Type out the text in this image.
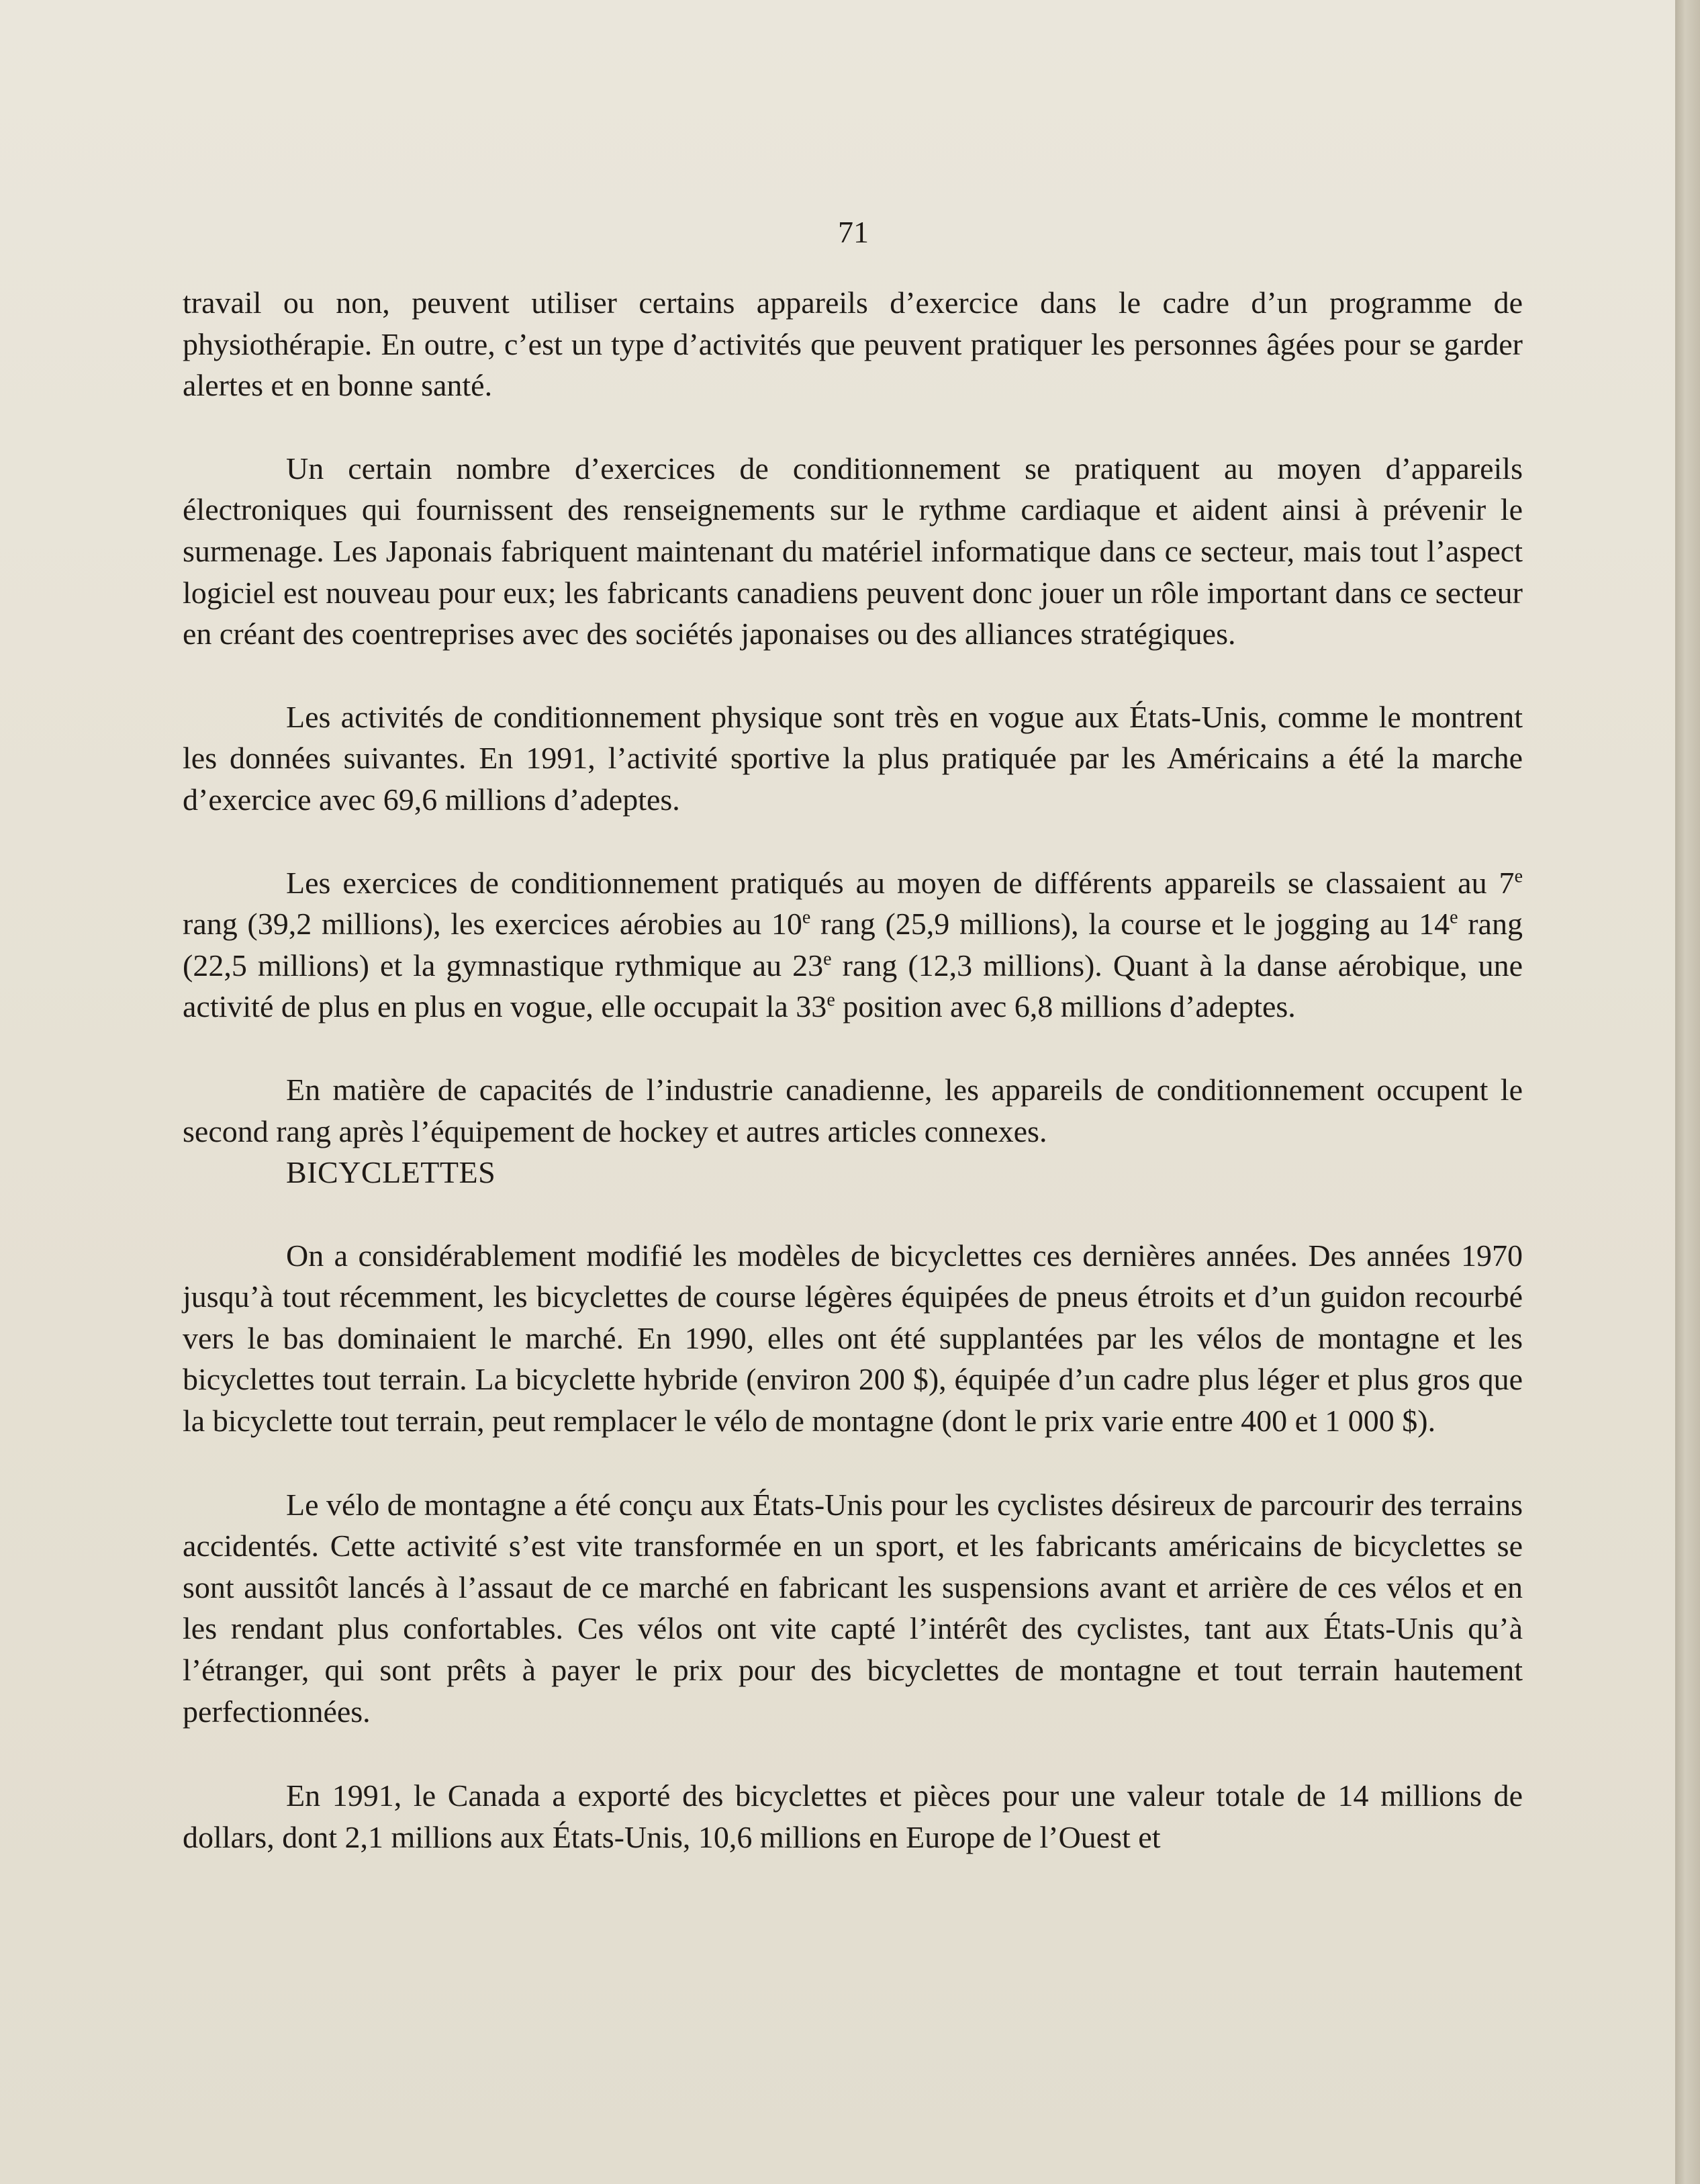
71

travail ou non, peuvent utiliser certains appareils d’exercice dans le cadre d’un programme de physiothérapie. En outre, c’est un type d’activités que peuvent pratiquer les personnes âgées pour se garder alertes et en bonne santé.

Un certain nombre d’exercices de conditionnement se pratiquent au moyen d’appareils électroniques qui fournissent des renseignements sur le rythme cardiaque et aident ainsi à prévenir le surmenage. Les Japonais fabriquent maintenant du matériel informatique dans ce secteur, mais tout l’aspect logiciel est nouveau pour eux; les fabricants canadiens peuvent donc jouer un rôle important dans ce secteur en créant des coentreprises avec des sociétés japonaises ou des alliances stratégiques.

Les activités de conditionnement physique sont très en vogue aux États-Unis, comme le montrent les données suivantes. En 1991, l’activité sportive la plus pratiquée par les Américains a été la marche d’exercice avec 69,6 millions d’adeptes.

Les exercices de conditionnement pratiqués au moyen de différents appareils se classaient au 7e rang (39,2 millions), les exercices aérobies au 10e rang (25,9 millions), la course et le jogging au 14e rang (22,5 millions) et la gymnastique rythmique au 23e rang (12,3 millions). Quant à la danse aérobique, une activité de plus en plus en vogue, elle occupait la 33e position avec 6,8 millions d’adeptes.

En matière de capacités de l’industrie canadienne, les appareils de conditionnement occupent le second rang après l’équipement de hockey et autres articles connexes.

BICYCLETTES

On a considérablement modifié les modèles de bicyclettes ces dernières années. Des années 1970 jusqu’à tout récemment, les bicyclettes de course légères équipées de pneus étroits et d’un guidon recourbé vers le bas dominaient le marché. En 1990, elles ont été supplantées par les vélos de montagne et les bicyclettes tout terrain. La bicyclette hybride (environ 200 $), équipée d’un cadre plus léger et plus gros que la bicyclette tout terrain, peut remplacer le vélo de montagne (dont le prix varie entre 400 et 1 000 $).

Le vélo de montagne a été conçu aux États-Unis pour les cyclistes désireux de parcourir des terrains accidentés. Cette activité s’est vite transformée en un sport, et les fabricants américains de bicyclettes se sont aussitôt lancés à l’assaut de ce marché en fabricant les suspensions avant et arrière de ces vélos et en les rendant plus confortables. Ces vélos ont vite capté l’intérêt des cyclistes, tant aux États-Unis qu’à l’étranger, qui sont prêts à payer le prix pour des bicyclettes de montagne et tout terrain hautement perfectionnées.

En 1991, le Canada a exporté des bicyclettes et pièces pour une valeur totale de 14 millions de dollars, dont 2,1 millions aux États-Unis, 10,6 millions en Europe de l’Ouest et
